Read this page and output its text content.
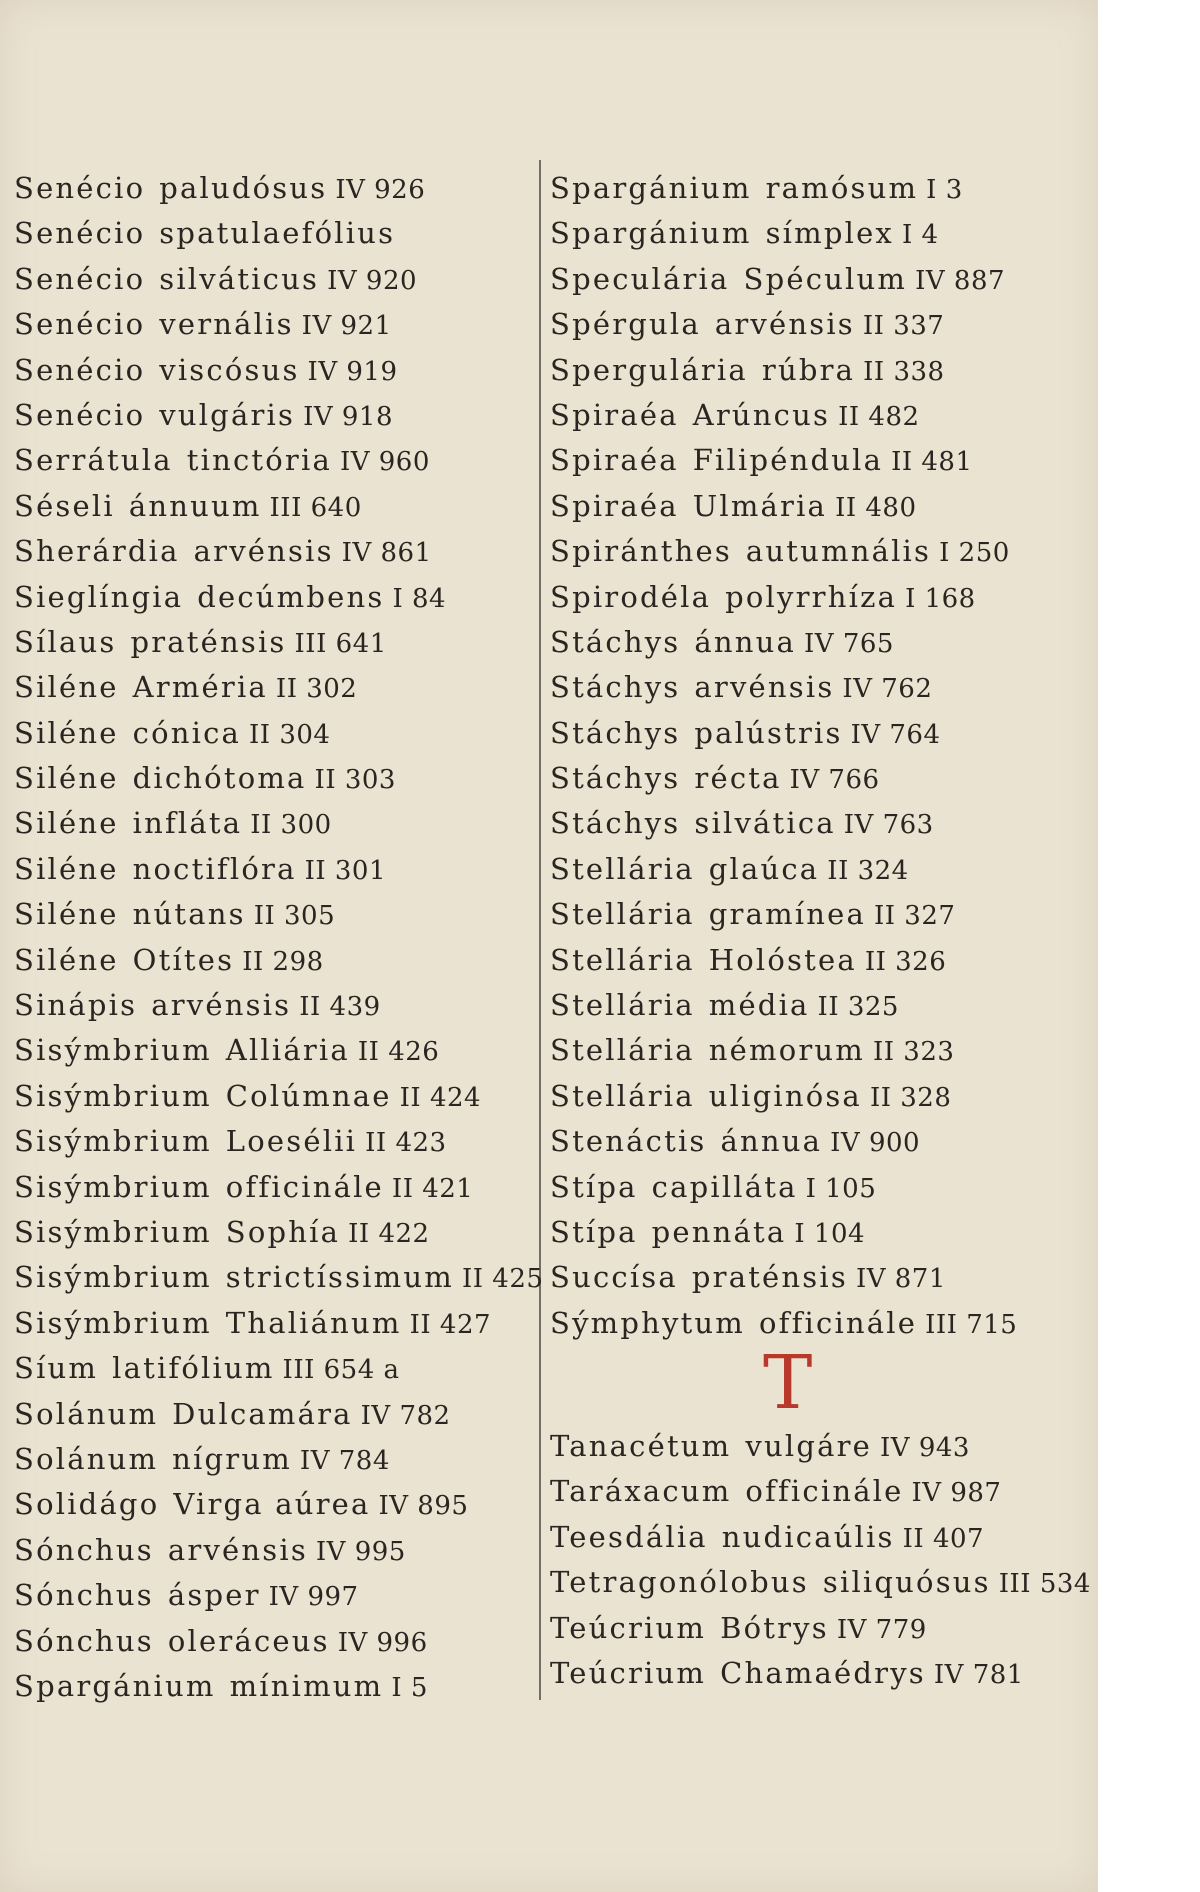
Senécio paludósus IV 926
Senécio spatulaefólius
Senécio silváticus IV 920
Senécio vernális IV 921
Senécio viscósus IV 919
Senécio vulgáris IV 918
Serrátula tinctória IV 960
Séseli ánnuum III 640
Sherárdia arvénsis IV 861
Sieglíngia decúmbens I 84
Sílaus praténsis III 641
Siléne Arméria II 302
Siléne cónica II 304
Siléne dichótoma II 303
Siléne infláta II 300
Siléne noctiflóra II 301
Siléne nútans II 305
Siléne Otítes II 298
Sinápis arvénsis II 439
Sisýmbrium Alliária II 426
Sisýmbrium Colúmnae II 424
Sisýmbrium Loesélii II 423
Sisýmbrium officinále II 421
Sisýmbrium Sophía II 422
Sisýmbrium strictíssimum II 425
Sisýmbrium Thaliánum II 427
Síum latifólium III 654 a
Solánum Dulcamára IV 782
Solánum nígrum IV 784
Solidágo Virga aúrea IV 895
Sónchus arvénsis IV 995
Sónchus ásper IV 997
Sónchus oleráceus IV 996
Spargánium mínimum I 5
Spargánium ramósum I 3
Spargánium símplex I 4
Speculária Spéculum IV 887
Spérgula arvénsis II 337
Spergulária rúbra II 338
Spiraéa Arúncus II 482
Spiraéa Filipéndula II 481
Spiraéa Ulmária II 480
Spiránthes autumnális I 250
Spirodéla polyrrhíza I 168
Stáchys ánnua IV 765
Stáchys arvénsis IV 762
Stáchys palústris IV 764
Stáchys récta IV 766
Stáchys silvática IV 763
Stellária glaúca II 324
Stellária gramínea II 327
Stellária Holóstea II 326
Stellária média II 325
Stellária némorum II 323
Stellária uliginósa II 328
Stenáctis ánnua IV 900
Stípa capilláta I 105
Stípa pennáta I 104
Succísa praténsis IV 871
Sýmphytum officinále III 715
T
Tanacétum vulgáre IV 943
Taráxacum officinále IV 987
Teesdália nudicaúlis II 407
Tetragonólobus siliquósus III 534
Teúcrium Bótrys IV 779
Teúcrium Chamaédrys IV 781
